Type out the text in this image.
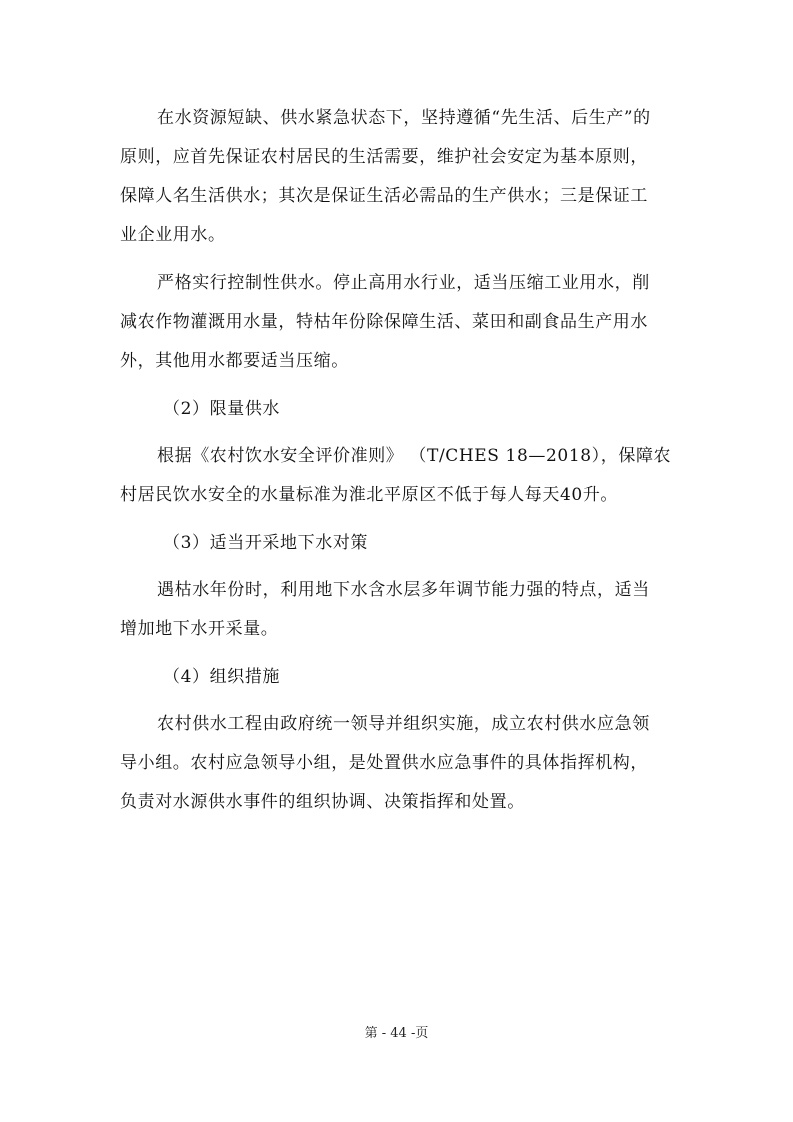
在水资源短缺、供水紧急状态下，坚持遵循“先生活、后生产”的
原则，应首先保证农村居民的生活需要，维护社会安定为基本原则，
保障人名生活供水；其次是保证生活必需品的生产供水；三是保证工
业企业用水。
严格实行控制性供水。停止高用水行业，适当压缩工业用水，削
减农作物灌溉用水量，特枯年份除保障生活、菜田和副食品生产用水
外，其他用水都要适当压缩。
（2）限量供水
根据《农村饮水安全评价准则》 （T/CHES 18—2018），保障农
村居民饮水安全的水量标准为淮北平原区不低于每人每天40升。
（3）适当开采地下水对策
遇枯水年份时，利用地下水含水层多年调节能力强的特点，适当
增加地下水开采量。
（4）组织措施
农村供水工程由政府统一领导并组织实施，成立农村供水应急领
导小组。农村应急领导小组，是处置供水应急事件的具体指挥机构，
负责对水源供水事件的组织协调、决策指挥和处置。
第 - 44 -页
